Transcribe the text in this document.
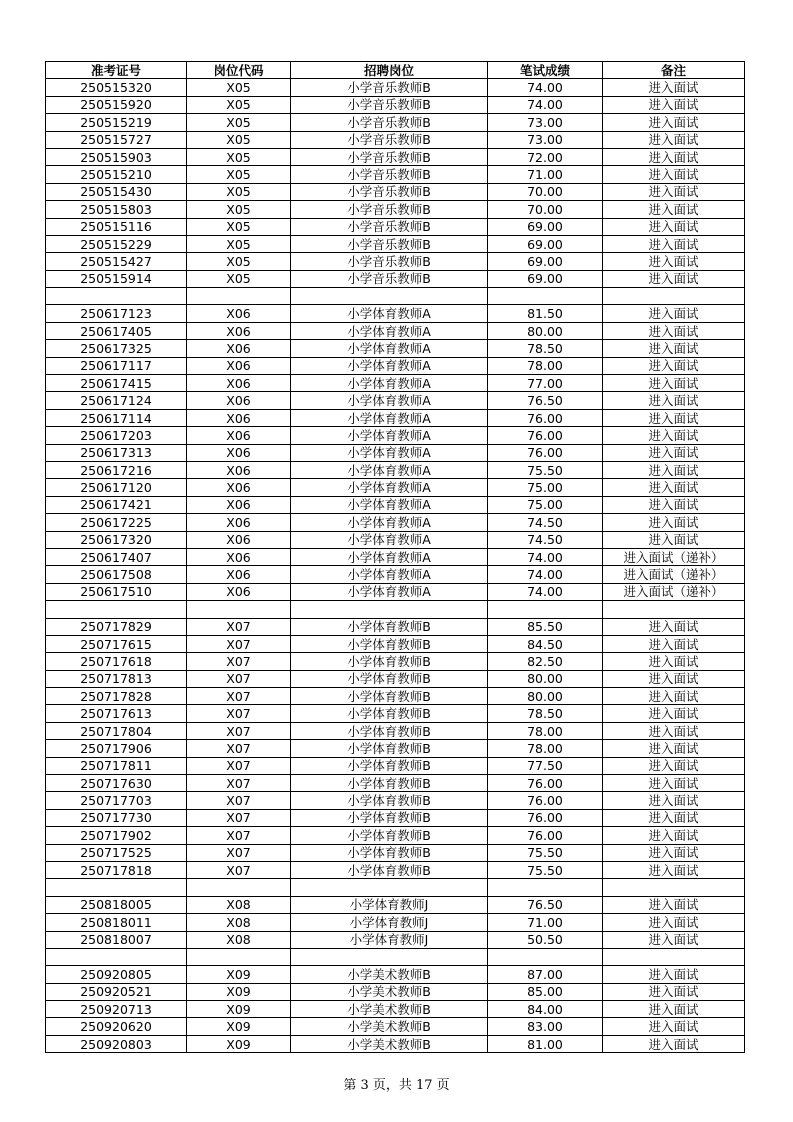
准考证号	岗位代码	招聘岗位	笔试成绩	备注
250515320	X05	小学音乐教师B	74.00	进入面试
250515920	X05	小学音乐教师B	74.00	进入面试
250515219	X05	小学音乐教师B	73.00	进入面试
250515727	X05	小学音乐教师B	73.00	进入面试
250515903	X05	小学音乐教师B	72.00	进入面试
250515210	X05	小学音乐教师B	71.00	进入面试
250515430	X05	小学音乐教师B	70.00	进入面试
250515803	X05	小学音乐教师B	70.00	进入面试
250515116	X05	小学音乐教师B	69.00	进入面试
250515229	X05	小学音乐教师B	69.00	进入面试
250515427	X05	小学音乐教师B	69.00	进入面试
250515914	X05	小学音乐教师B	69.00	进入面试

250617123	X06	小学体育教师A	81.50	进入面试
250617405	X06	小学体育教师A	80.00	进入面试
250617325	X06	小学体育教师A	78.50	进入面试
250617117	X06	小学体育教师A	78.00	进入面试
250617415	X06	小学体育教师A	77.00	进入面试
250617124	X06	小学体育教师A	76.50	进入面试
250617114	X06	小学体育教师A	76.00	进入面试
250617203	X06	小学体育教师A	76.00	进入面试
250617313	X06	小学体育教师A	76.00	进入面试
250617216	X06	小学体育教师A	75.50	进入面试
250617120	X06	小学体育教师A	75.00	进入面试
250617421	X06	小学体育教师A	75.00	进入面试
250617225	X06	小学体育教师A	74.50	进入面试
250617320	X06	小学体育教师A	74.50	进入面试
250617407	X06	小学体育教师A	74.00	进入面试（递补）
250617508	X06	小学体育教师A	74.00	进入面试（递补）
250617510	X06	小学体育教师A	74.00	进入面试（递补）

250717829	X07	小学体育教师B	85.50	进入面试
250717615	X07	小学体育教师B	84.50	进入面试
250717618	X07	小学体育教师B	82.50	进入面试
250717813	X07	小学体育教师B	80.00	进入面试
250717828	X07	小学体育教师B	80.00	进入面试
250717613	X07	小学体育教师B	78.50	进入面试
250717804	X07	小学体育教师B	78.00	进入面试
250717906	X07	小学体育教师B	78.00	进入面试
250717811	X07	小学体育教师B	77.50	进入面试
250717630	X07	小学体育教师B	76.00	进入面试
250717703	X07	小学体育教师B	76.00	进入面试
250717730	X07	小学体育教师B	76.00	进入面试
250717902	X07	小学体育教师B	76.00	进入面试
250717525	X07	小学体育教师B	75.50	进入面试
250717818	X07	小学体育教师B	75.50	进入面试

250818005	X08	小学体育教师J	76.50	进入面试
250818011	X08	小学体育教师J	71.00	进入面试
250818007	X08	小学体育教师J	50.50	进入面试

250920805	X09	小学美术教师B	87.00	进入面试
250920521	X09	小学美术教师B	85.00	进入面试
250920713	X09	小学美术教师B	84.00	进入面试
250920620	X09	小学美术教师B	83.00	进入面试
250920803	X09	小学美术教师B	81.00	进入面试
第 3 页，共 17 页
